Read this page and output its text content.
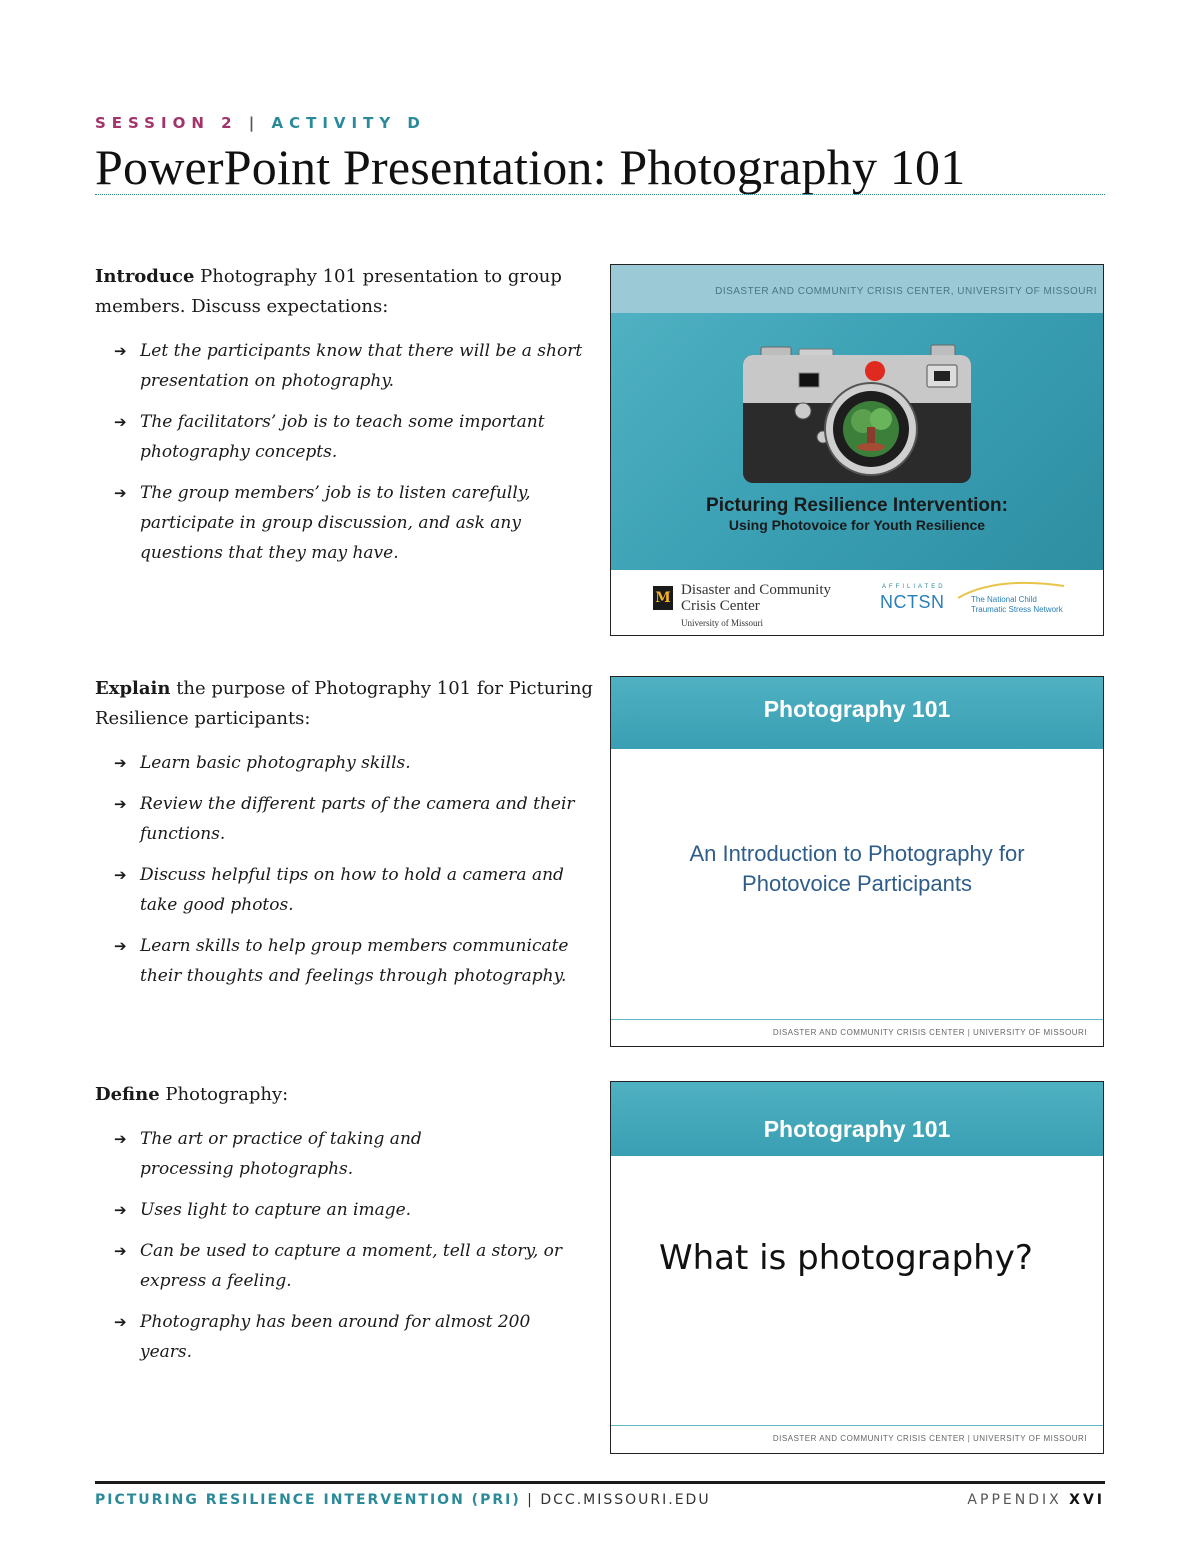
SESSION 2 | ACTIVITY D
PowerPoint Presentation: Photography 101
Introduce Photography 101 presentation to group members. Discuss expectations:
➔ Let the participants know that there will be a short presentation on photography.
➔ The facilitators’ job is to teach some important photography concepts.
➔ The group members’ job is to listen carefully, participate in group discussion, and ask any questions that they may have.
Explain the purpose of Photography 101 for Picturing Resilience participants:
➔ Learn basic photography skills.
➔ Review the different parts of the camera and their functions.
➔ Discuss helpful tips on how to hold a camera and take good photos.
➔ Learn skills to help group members communicate their thoughts and feelings through photography.
Define Photography:
➔ The art or practice of taking and processing photographs.
➔ Uses light to capture an image.
➔ Can be used to capture a moment, tell a story, or express a feeling.
➔ Photography has been around for almost 200 years.
DISASTER AND COMMUNITY CRISIS CENTER, UNIVERSITY OF MISSOURI
Picturing Resilience Intervention:
Using Photovoice for Youth Resilience
M Disaster and Community
Crisis Center
University of Missouri
AFFILIATED
NCTSN	The National Child
Traumatic Stress Network
Photography 101
An Introduction to Photography for
Photovoice Participants
DISASTER AND COMMUNITY CRISIS CENTER | UNIVERSITY OF MISSOURI
Photography 101
What is photography?
DISASTER AND COMMUNITY CRISIS CENTER | UNIVERSITY OF MISSOURI
PICTURING RESILIENCE INTERVENTION (PRI) | DCC.MISSOURI.EDU	APPENDIX XVI
